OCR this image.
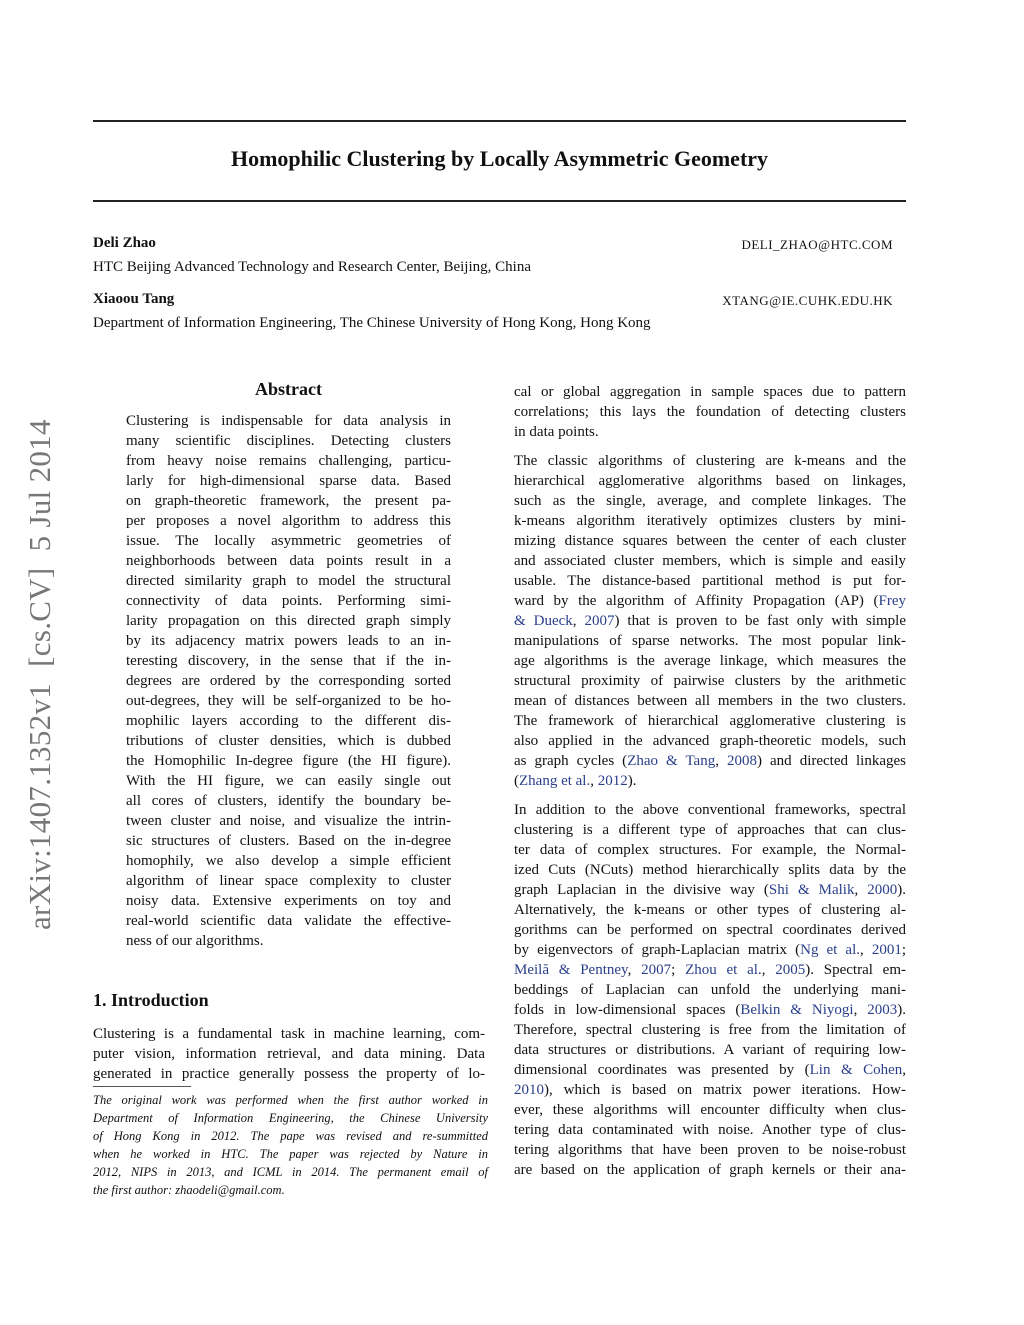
Homophilic Clustering by Locally Asymmetric Geometry
Deli Zhao	DELI_ZHAO@HTC.COM
HTC Beijing Advanced Technology and Research Center, Beijing, China
Xiaoou Tang	XTANG@IE.CUHK.EDU.HK
Department of Information Engineering, The Chinese University of Hong Kong, Hong Kong
arXiv:1407.1352v1  [cs.CV]  5 Jul 2014
Abstract
Clustering is indispensable for data analysis in
many scientific disciplines. Detecting clusters
from heavy noise remains challenging, particu-
larly for high-dimensional sparse data. Based
on graph-theoretic framework, the present pa-
per proposes a novel algorithm to address this
issue. The locally asymmetric geometries of
neighborhoods between data points result in a
directed similarity graph to model the structural
connectivity of data points. Performing simi-
larity propagation on this directed graph simply
by its adjacency matrix powers leads to an in-
teresting discovery, in the sense that if the in-
degrees are ordered by the corresponding sorted
out-degrees, they will be self-organized to be ho-
mophilic layers according to the different dis-
tributions of cluster densities, which is dubbed
the Homophilic In-degree figure (the HI figure).
With the HI figure, we can easily single out
all cores of clusters, identify the boundary be-
tween cluster and noise, and visualize the intrin-
sic structures of clusters. Based on the in-degree
homophily, we also develop a simple efficient
algorithm of linear space complexity to cluster
noisy data. Extensive experiments on toy and
real-world scientific data validate the effective-
ness of our algorithms.
1. Introduction
Clustering is a fundamental task in machine learning, com-
puter vision, information retrieval, and data mining. Data
generated in practice generally possess the property of lo-
The original work was performed when the first author worked in
Department of Information Engineering, the Chinese University
of Hong Kong in 2012. The pape was revised and re-summitted
when he worked in HTC. The paper was rejected by Nature in
2012, NIPS in 2013, and ICML in 2014. The permanent email of
the first author: zhaodeli@gmail.com.
cal or global aggregation in sample spaces due to pattern
correlations; this lays the foundation of detecting clusters
in data points.
The classic algorithms of clustering are k-means and the
hierarchical agglomerative algorithms based on linkages,
such as the single, average, and complete linkages. The
k-means algorithm iteratively optimizes clusters by mini-
mizing distance squares between the center of each cluster
and associated cluster members, which is simple and easily
usable. The distance-based partitional method is put for-
ward by the algorithm of Affinity Propagation (AP) (Frey
& Dueck, 2007) that is proven to be fast only with simple
manipulations of sparse networks. The most popular link-
age algorithms is the average linkage, which measures the
structural proximity of pairwise clusters by the arithmetic
mean of distances between all members in the two clusters.
The framework of hierarchical agglomerative clustering is
also applied in the advanced graph-theoretic models, such
as graph cycles (Zhao & Tang, 2008) and directed linkages
(Zhang et al., 2012).
In addition to the above conventional frameworks, spectral
clustering is a different type of approaches that can clus-
ter data of complex structures. For example, the Normal-
ized Cuts (NCuts) method hierarchically splits data by the
graph Laplacian in the divisive way (Shi & Malik, 2000).
Alternatively, the k-means or other types of clustering al-
gorithms can be performed on spectral coordinates derived
by eigenvectors of graph-Laplacian matrix (Ng et al., 2001;
Meilă & Pentney, 2007; Zhou et al., 2005). Spectral em-
beddings of Laplacian can unfold the underlying mani-
folds in low-dimensional spaces (Belkin & Niyogi, 2003).
Therefore, spectral clustering is free from the limitation of
data structures or distributions. A variant of requiring low-
dimensional coordinates was presented by (Lin & Cohen,
2010), which is based on matrix power iterations. How-
ever, these algorithms will encounter difficulty when clus-
tering data contaminated with noise. Another type of clus-
tering algorithms that have been proven to be noise-robust
are based on the application of graph kernels or their ana-
